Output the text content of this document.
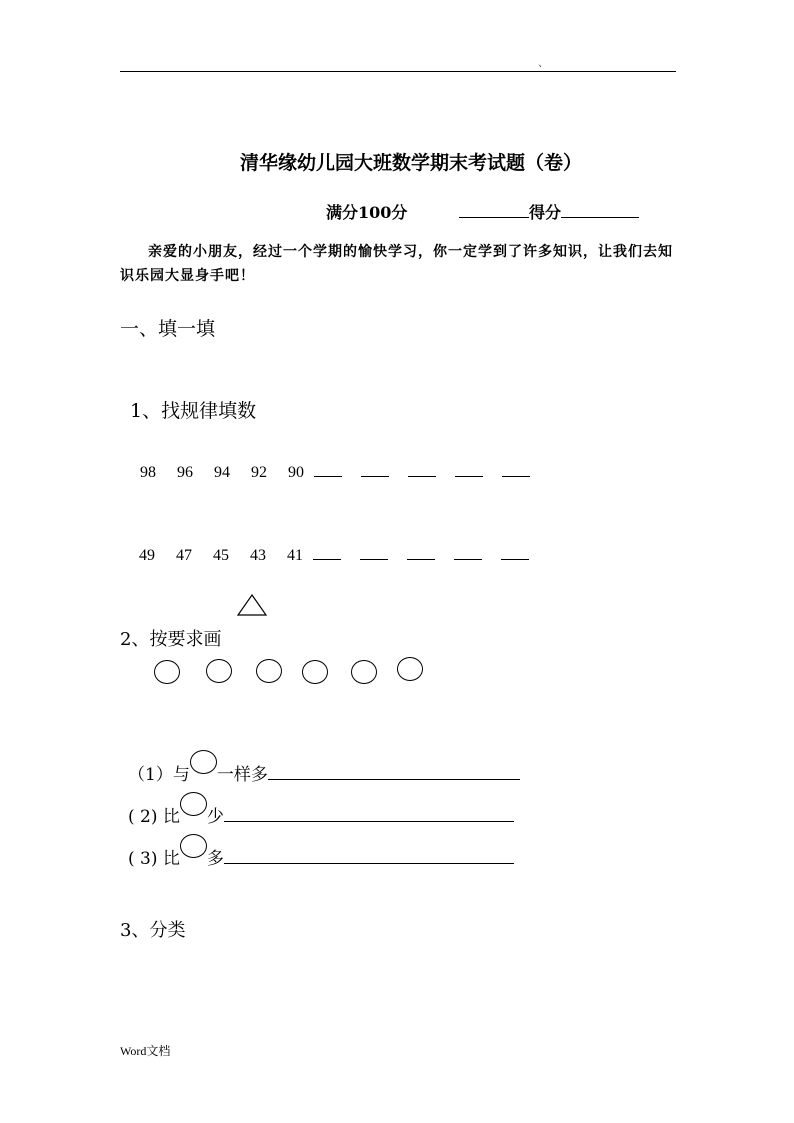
、
清华缘幼儿园大班数学期末考试题（卷）
满分100分	得分
亲爱的小朋友，经过一个学期的愉快学习，你一定学到了许多知识，让我们去知识乐园大显身手吧！
一、填一填
1、找规律填数
98 96 94 92 90
49 47 45 43 41
2、按要求画
（1）与 一样多
( 2) 比 少
( 3) 比 多
3、分类
Word文档
